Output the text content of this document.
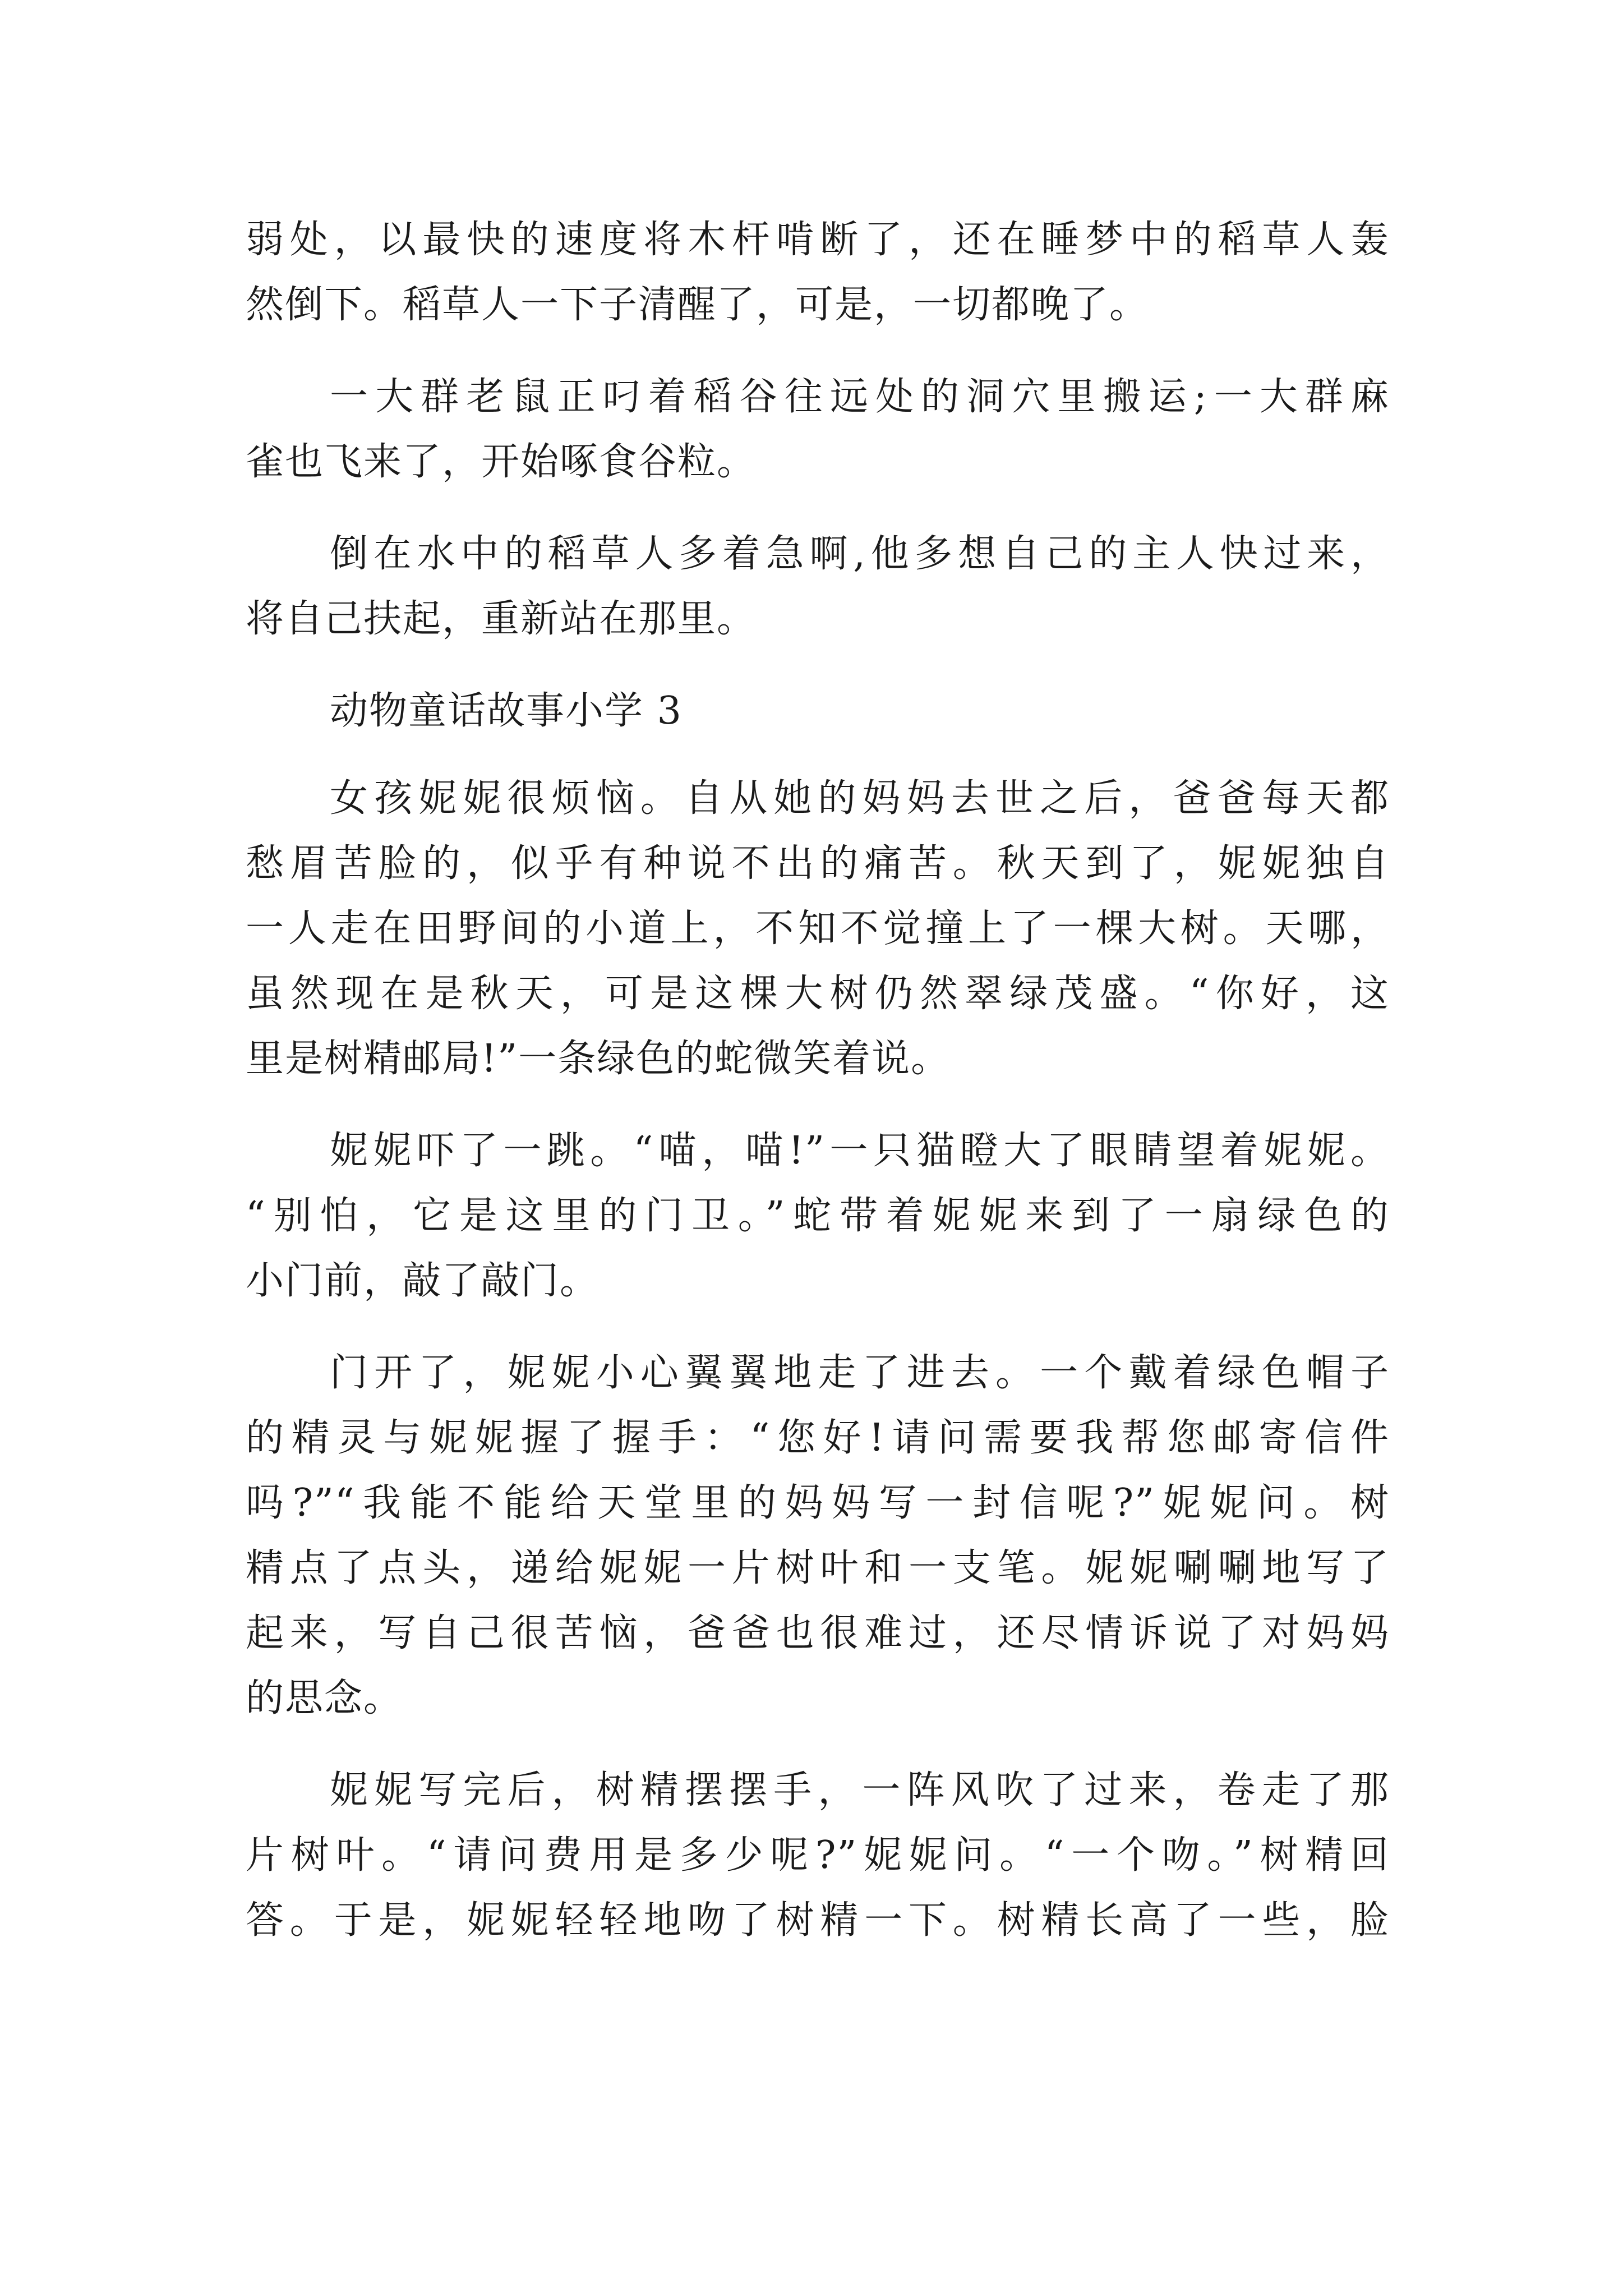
弱处，以最快的速度将木杆啃断了，还在睡梦中的稻草人轰
然倒下。稻草人一下子清醒了，可是，一切都晚了。
一大群老鼠正叼着稻谷往远处的洞穴里搬运;一大群麻
雀也飞来了，开始啄食谷粒。
倒在水中的稻草人多着急啊,他多想自己的主人快过来，
将自己扶起，重新站在那里。
动物童话故事小学 3
女孩妮妮很烦恼。自从她的妈妈去世之后，爸爸每天都
愁眉苦脸的，似乎有种说不出的痛苦。秋天到了，妮妮独自
一人走在田野间的小道上，不知不觉撞上了一棵大树。天哪，
虽然现在是秋天，可是这棵大树仍然翠绿茂盛。“你好，这
里是树精邮局!”一条绿色的蛇微笑着说。
妮妮吓了一跳。“喵，喵!”一只猫瞪大了眼睛望着妮妮。
“别怕，它是这里的门卫。”蛇带着妮妮来到了一扇绿色的
小门前，敲了敲门。
门开了，妮妮小心翼翼地走了进去。一个戴着绿色帽子
的精灵与妮妮握了握手：“您好!请问需要我帮您邮寄信件
吗?”“我能不能给天堂里的妈妈写一封信呢?”妮妮问。树
精点了点头，递给妮妮一片树叶和一支笔。妮妮唰唰地写了
起来，写自己很苦恼，爸爸也很难过，还尽情诉说了对妈妈
的思念。
妮妮写完后，树精摆摆手，一阵风吹了过来，卷走了那
片树叶。“请问费用是多少呢?”妮妮问。“一个吻。”树精回
答。于是，妮妮轻轻地吻了树精一下。树精长高了一些，脸
